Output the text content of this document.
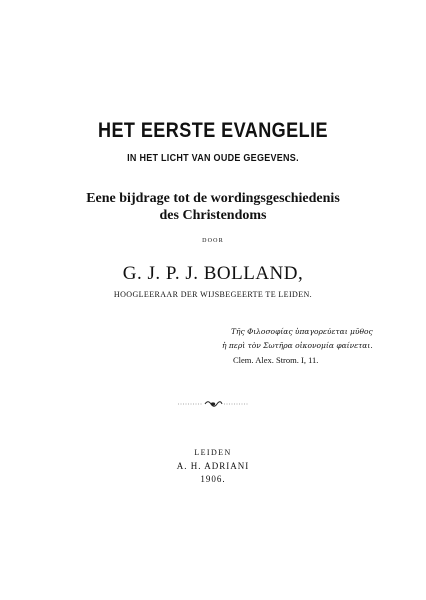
HET EERSTE EVANGELIE
IN HET LICHT VAN OUDE GEGEVENS.
Eene bijdrage tot de wordingsgeschiedenis
des Christendoms
DOOR
G. J. P. J. BOLLAND,
HOOGLEERAAR DER WIJSBEGEERTE TE LEIDEN.
Τῆς Φιλοσοφίας ὑπαγορεύεται μῦθος
ἡ περὶ τὸν Σωτῆρα οἰκονομία φαίνεται.
Clem. Alex. Strom. I, 11.
LEIDEN
A. H. ADRIANI
1906.
